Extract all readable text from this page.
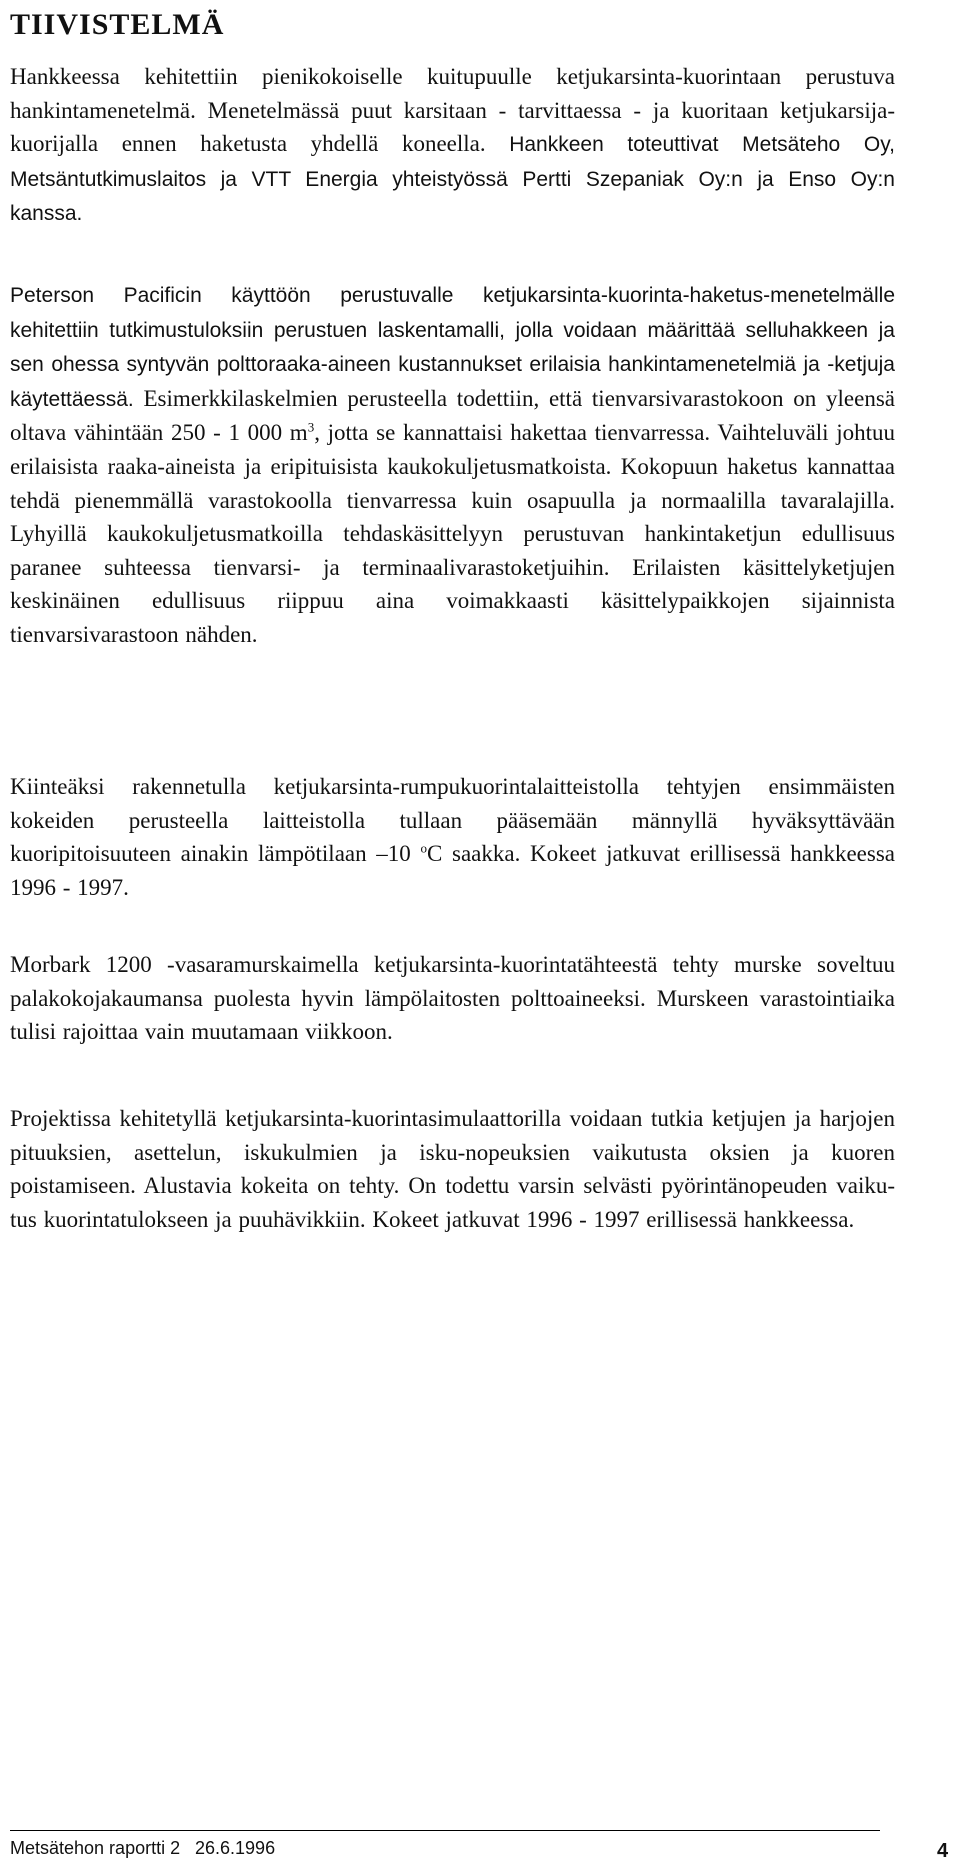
TIIVISTELMÄ

Hankkeessa kehitettiin pienikokoiselle kuitupuulle ketjukarsinta-kuorintaan perustuva hankintamenetelmä. Menetelmässä puut karsitaan - tarvittaessa - ja kuoritaan ketjukarsija-kuorijalla ennen haketusta yhdellä koneella. Hankkeen toteuttivat Metsäteho Oy, Metsäntutkimuslaitos ja VTT Energia yhteistyössä Pertti Szepaniak Oy:n ja Enso Oy:n kanssa.

Peterson Pacificin käyttöön perustuvalle ketjukarsinta-kuorinta-haketus-menetelmälle kehitettiin tutkimustuloksiin perustuen laskentamalli, jolla voidaan määrittää selluhakkeen ja sen ohessa syntyvän polttoraaka-aineen kustannukset erilaisia hankintamenetelmiä ja -ketjuja käytettäessä. Esimerkkilaskelmien perusteella todettiin, että tienvarsivarastokoon on yleensä oltava vähintään 250 - 1 000 $m^3$, jotta se kannattaisi hakettaa tienvarressa. Vaihteluväli johtuu erilaisista raaka-aineista ja eripituisista kaukokuljetusmatkoista. Kokopuun haketus kannattaa tehdä pienemmällä varastokoolla tienvarressa kuin osapuulla ja normaalilla tavaralajilla. Lyhyillä kaukokuljetusmatkoilla tehdaskäsittelyyn perustuvan hankintaketjun edullisuus paranee suhteessa tienvarsi- ja terminaalivarastoketjuihin. Erilaisten käsittelyketjujen keskinäinen edullisuus riippuu aina voimakkaasti käsittelypaikkojen sijainnista tienvarsivarastoon nähden.

Kiinteäksi rakennetulla ketjukarsinta-rumpukuorintalaitteistolla tehtyjen ensimmäisten kokeiden perusteella laitteistolla tullaan pääsemään männyllä hyväksyttävään kuoripitoisuuteen ainakin lämpötilaan –10 $^o$C saakka. Kokeet jatkuvat erillisessä hankkeessa 1996 - 1997.

Morbark 1200 -vasaramurskaimella ketjukarsinta-kuorintatähteestä tehty murske soveltuu palakokojakaumansa puolesta hyvin lämpölaitosten polttoaineeksi. Murskeen varastointiaika tulisi rajoittaa vain muutamaan viikkoon.

Projektissa kehitetyllä ketjukarsinta-kuorintasimulaattorilla voidaan tutkia ketjujen ja harjojen pituuksien, asettelun, iskukulmien ja isku-nopeuksien vaikutusta oksien ja kuoren poistamiseen. Alustavia kokeita on tehty. On todettu varsin selvästi pyörintänopeuden vaiku-tus kuorintatulokseen ja puuhävikkiin. Kokeet jatkuvat 1996 - 1997 erillisessä hankkeessa.

Metsätehon raportti 2 26.6.1996	4
